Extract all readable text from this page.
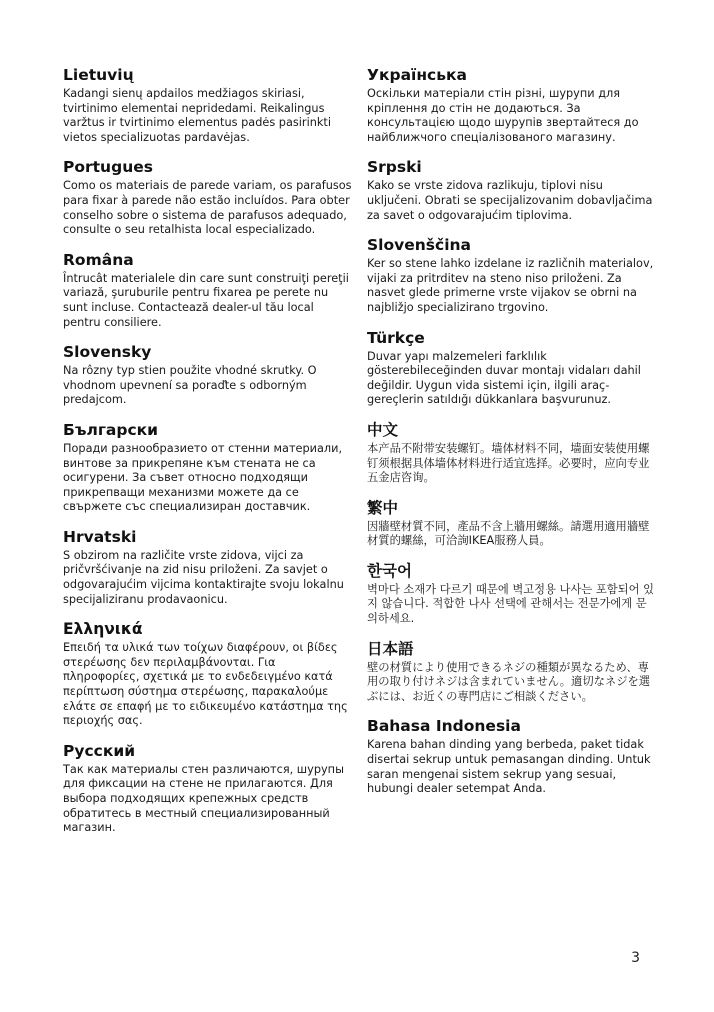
Lietuvių

Kadangi sienų apdailos medžiagos skiriasi, tvirtinimo elementai nepridedami. Reikalingus varžtus ir tvirtinimo elementus padės pasirinkti vietos specializuotas pardavėjas.

Portugues

Como os materiais de parede variam, os parafusos para fixar à parede não estão incluídos. Para obter conselho sobre o sistema de parafusos adequado, consulte o seu retalhista local especializado.

Româna

Întrucât materialele din care sunt construiţi pereţii variază, şuruburile pentru fixarea pe perete nu sunt incluse. Contactează dealer-ul tău local pentru consiliere.

Slovensky

Na rôzny typ stien použite vhodné skrutky. O vhodnom upevnení sa poraďte s odborným predajcom.

Български

Поради разнообразието от стенни материали, винтове за прикрепяне към стената не са осигурени. За съвет относно подходящи прикрепващи механизми можете да се свържете със специализиран доставчик.

Hrvatski

S obzirom na različite vrste zidova, vijci za pričvršćivanje na zid nisu priloženi. Za savjet o odgovarajućim vijcima kontaktirajte svoju lokalnu specijaliziranu prodavaonicu.

Ελληνικά

Επειδή τα υλικά των τοίχων διαφέρουν, οι βίδες στερέωσης δεν περιλαμβάνονται. Για πληροφορίες, σχετικά με το ενδεδειγμένο κατά περίπτωση σύστημα στερέωσης, παρακαλούμε ελάτε σε επαφή με το ειδικευμένο κατάστημα της περιοχής σας.

Русский

Так как материалы стен различаются, шурупы для фиксации на стене не прилагаются. Для выбора подходящих крепежных средств обратитесь в местный специализированный магазин.

Українська

Оскільки матеріали стін різні, шурупи для кріплення до стін не додаються. За консультацією щодо шурупів звертайтеся до найближчого спеціалізованого магазину.

Srpski

Kako se vrste zidova razlikuju, tiplovi nisu uključeni. Obrati se specijalizovanim dobavljačima za savet o odgovarajućim tiplovima.

Slovenščina

Ker so stene lahko izdelane iz različnih materialov, vijaki za pritrditev na steno niso priloženi. Za nasvet glede primerne vrste vijakov se obrni na najbližjo specializirano trgovino.

Türkçe

Duvar yapı malzemeleri farklılık gösterebileceğinden duvar montajı vidaları dahil değildir. Uygun vida sistemi için, ilgili araç-gereçlerin satıldığı dükkanlara başvurunuz.

中文

本产品不附带安装螺钉。墙体材料不同，墙面安装使用螺钉须根据具体墙体材料进行适宜选择。必要时，应向专业五金店咨询。

繁中

因牆壁材質不同，產品不含上牆用螺絲。請選用適用牆壁材質的螺絲，可洽詢IKEA服務人員。

한국어

벽마다 소재가 다르기 때문에 벽고정용 나사는 포함되어 있지 않습니다. 적합한 나사 선택에 관해서는 전문가에게 문의하세요.

日本語

壁の材質により使用できるネジの種類が異なるため、専用の取り付けネジは含まれていません。適切なネジを選ぶには、お近くの専門店にご相談ください。

Bahasa Indonesia

Karena bahan dinding yang berbeda, paket tidak disertai sekrup untuk pemasangan dinding. Untuk saran mengenai sistem sekrup yang sesuai, hubungi dealer setempat Anda.

3
